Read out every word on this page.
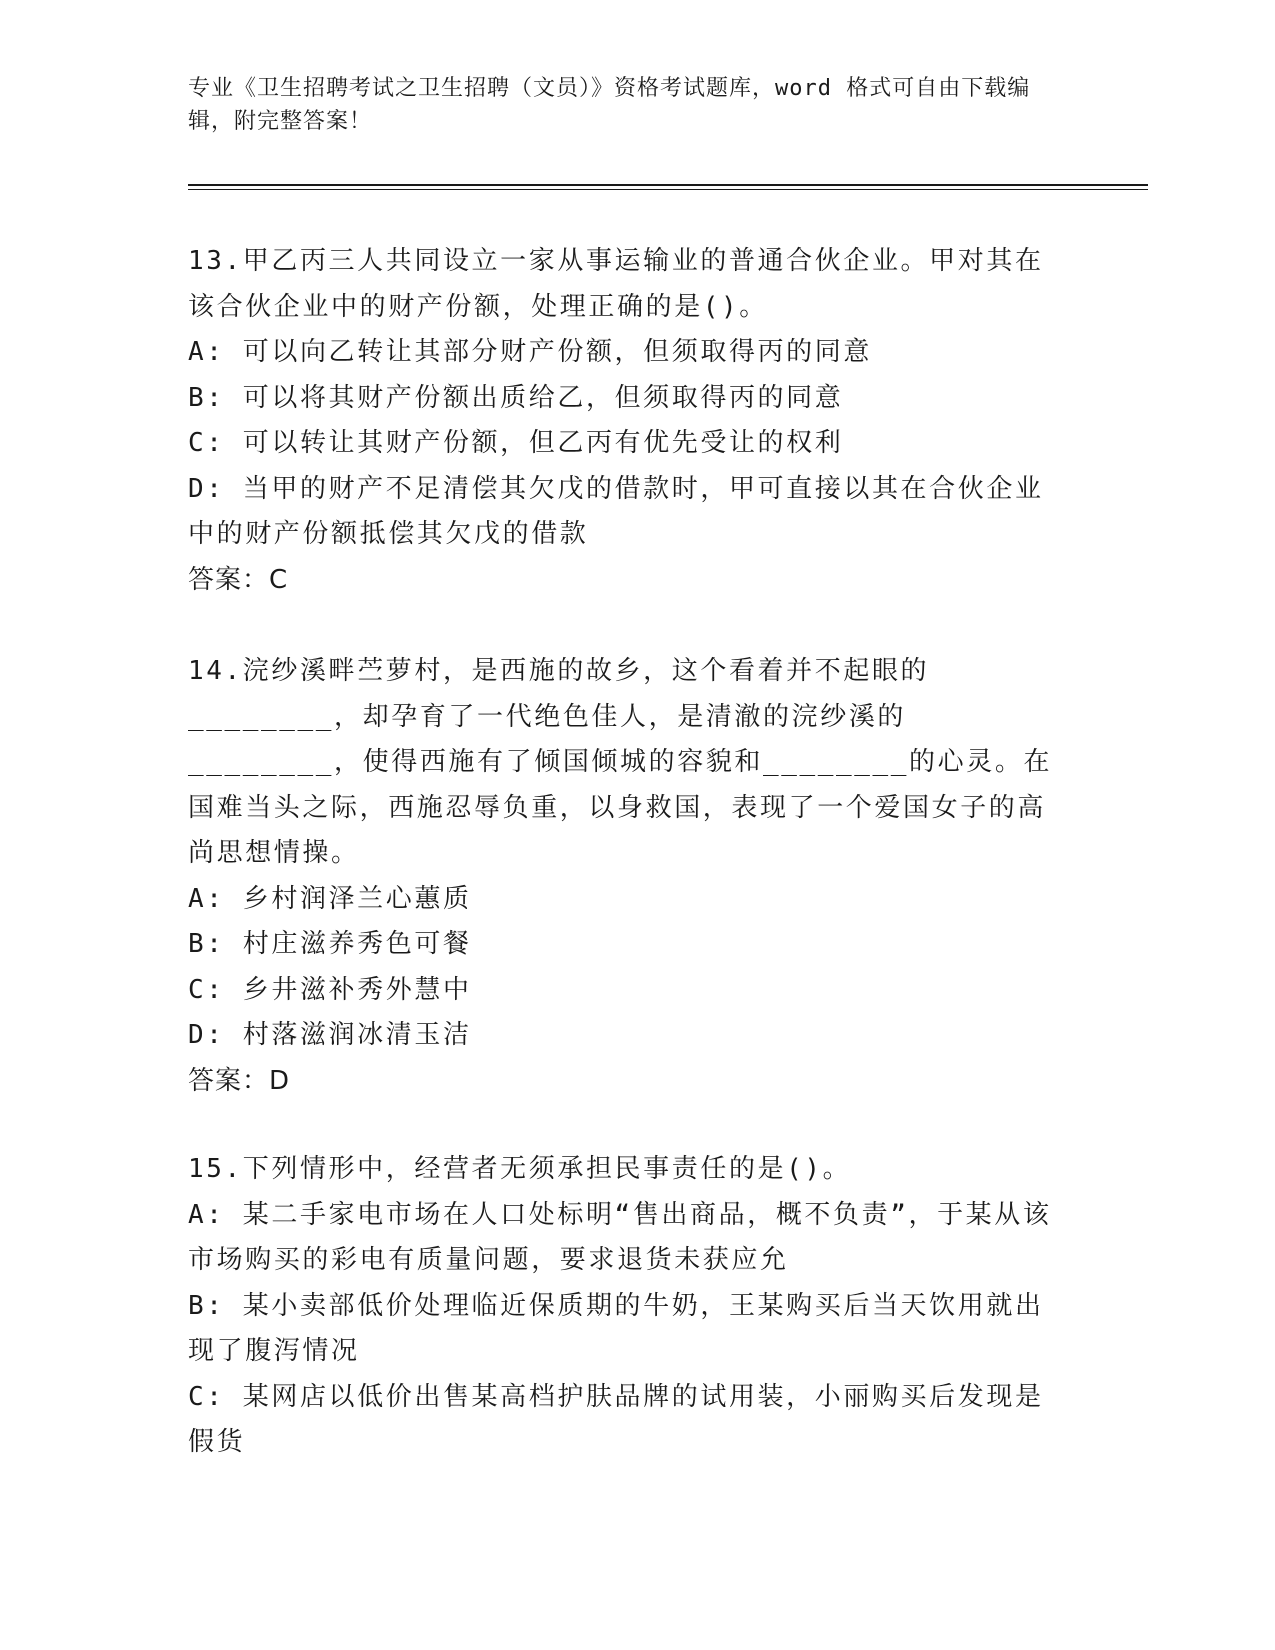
专业《卫生招聘考试之卫生招聘（文员）》资格考试题库，word 格式可自由下载编辑，附完整答案！

13.甲乙丙三人共同设立一家从事运输业的普通合伙企业。甲对其在该合伙企业中的财产份额，处理正确的是()。

A: 可以向乙转让其部分财产份额，但须取得丙的同意

B: 可以将其财产份额出质给乙，但须取得丙的同意

C: 可以转让其财产份额，但乙丙有优先受让的权利

D: 当甲的财产不足清偿其欠戊的借款时，甲可直接以其在合伙企业中的财产份额抵偿其欠戊的借款

答案：C

14.浣纱溪畔苎萝村，是西施的故乡，这个看着并不起眼的________，却孕育了一代绝色佳人，是清澈的浣纱溪的________，使得西施有了倾国倾城的容貌和________的心灵。在国难当头之际，西施忍辱负重，以身救国，表现了一个爱国女子的高尚思想情操。

A: 乡村润泽兰心蕙质

B: 村庄滋养秀色可餐

C: 乡井滋补秀外慧中

D: 村落滋润冰清玉洁

答案：D

15.下列情形中，经营者无须承担民事责任的是()。

A: 某二手家电市场在人口处标明“售出商品，概不负责”，于某从该市场购买的彩电有质量问题，要求退货未获应允

B: 某小卖部低价处理临近保质期的牛奶，王某购买后当天饮用就出现了腹泻情况

C: 某网店以低价出售某高档护肤品牌的试用装，小丽购买后发现是假货
